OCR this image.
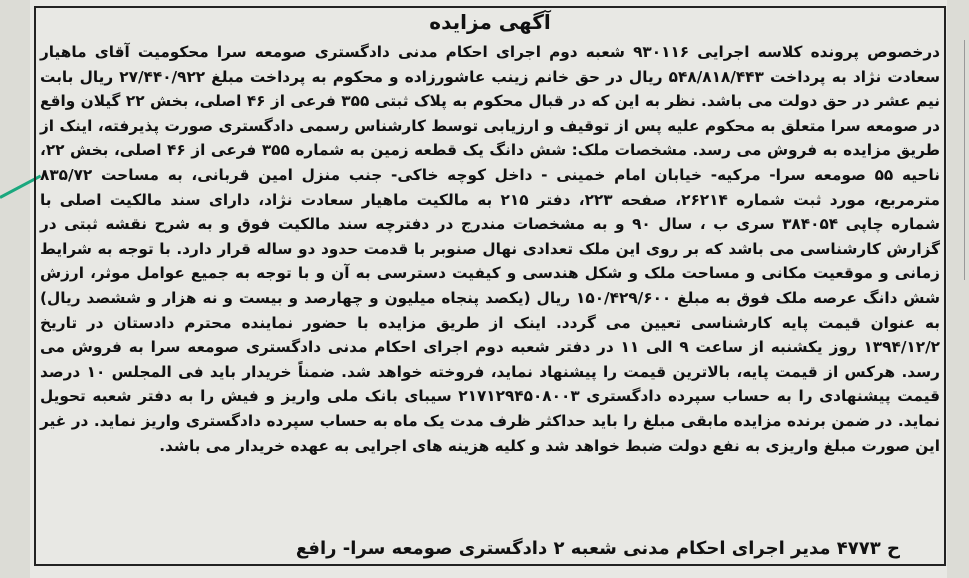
آگهی مزایده

درخصوص پرونده کلاسه اجرایی ۹۳۰۱۱۶ شعبه دوم اجرای احکام مدنی دادگستری صومعه سرا محکومیت آقای ماهیار سعادت نژاد به پرداخت ۵۴۸/۸۱۸/۴۴۳ ریال در حق خانم زینب عاشورزاده و محکوم به پرداخت مبلغ ۲۷/۴۴۰/۹۲۲ ریال بابت نیم عشر در حق دولت می باشد. نظر به این که در قبال محکوم به پلاک ثبتی ۳۵۵ فرعی از ۴۶ اصلی، بخش ۲۲ گیلان واقع در صومعه سرا متعلق به محکوم علیه پس از توقیف و ارزیابی توسط کارشناس رسمی دادگستری صورت پذیرفته، اینک از طریق مزایده به فروش می رسد. مشخصات ملک: شش دانگ یک قطعه زمین به شماره ۳۵۵ فرعی از ۴۶ اصلی، بخش ۲۲، ناحیه ۵۵ صومعه سرا- مرکیه- خیابان امام خمینی - داخل کوچه خاکی- جنب منزل امین قربانی، به مساحت ۸۳۵/۷۲ مترمربع، مورد ثبت شماره ۲۶۲۱۴، صفحه ۲۲۳، دفتر ۲۱۵ به مالکیت ماهیار سعادت نژاد، دارای سند مالکیت اصلی با شماره چاپی ۳۸۴۰۵۴ سری ب ، سال ۹۰ و به مشخصات مندرج در دفترچه سند مالکیت فوق و به شرح نقشه ثبتی در گزارش کارشناسی می باشد که بر روی این ملک تعدادی نهال صنوبر با قدمت حدود دو ساله قرار دارد. با توجه به شرایط زمانی و موقعیت مکانی و مساحت ملک و شکل هندسی و کیفیت دسترسی به آن و با توجه به جمیع عوامل موثر، ارزش شش دانگ عرصه ملک فوق به مبلغ ۱۵۰/۴۲۹/۶۰۰ ریال (یکصد پنجاه میلیون و چهارصد و بیست و نه هزار و ششصد ریال) به عنوان قیمت پایه کارشناسی تعیین می گردد. اینک از طریق مزایده با حضور نماینده محترم دادستان در تاریخ ۱۳۹۴/۱۲/۲ روز یکشنبه از ساعت ۹ الی ۱۱ در دفتر شعبه دوم اجرای احکام مدنی دادگستری صومعه سرا به فروش می رسد. هرکس از قیمت پایه، بالاترین قیمت را پیشنهاد نماید، فروخته خواهد شد. ضمناً خریدار باید فی المجلس ۱۰ درصد قیمت پیشنهادی را به حساب سپرده دادگستری ۲۱۷۱۲۹۴۵۰۸۰۰۳ سیبای بانک ملی واریز و فیش را به دفتر شعبه تحویل نماید. در ضمن برنده مزایده مابقی مبلغ را باید حداکثر ظرف مدت یک ماه به حساب سپرده دادگستری واریز نماید. در غیر این صورت مبلغ واریزی به نفع دولت ضبط خواهد شد و کلیه هزینه های اجرایی به عهده خریدار می باشد.

ح ۴۷۷۳ مدیر اجرای احکام مدنی شعبه ۲ دادگستری صومعه سرا- رافع
